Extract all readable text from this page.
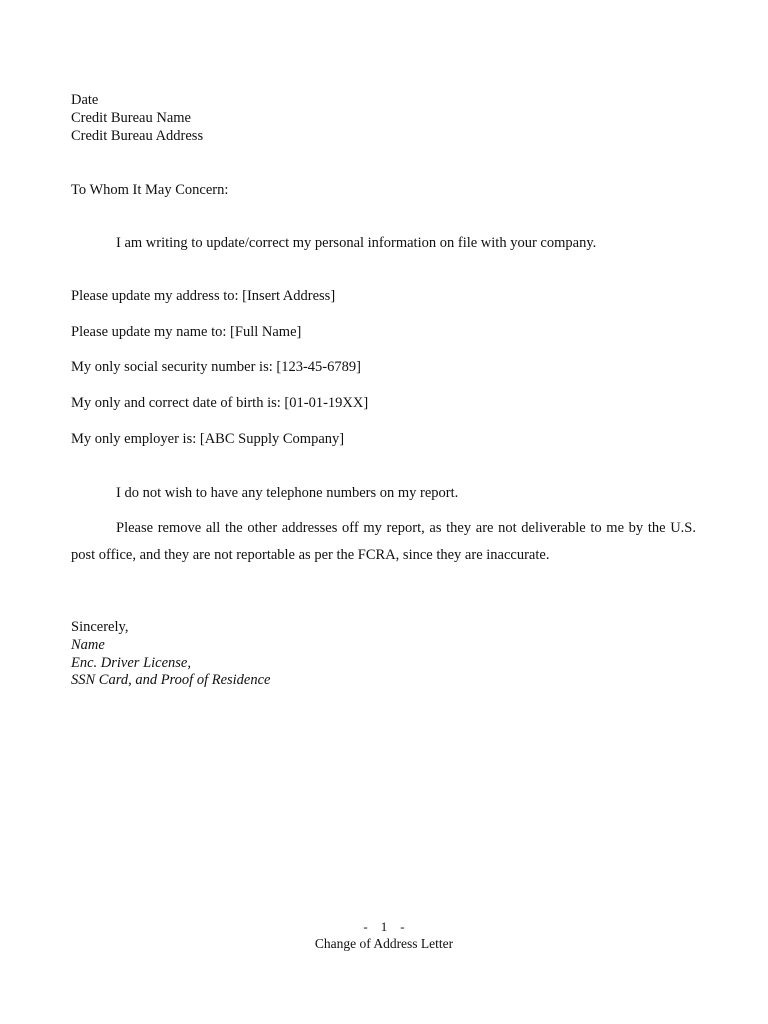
Date
Credit Bureau Name
Credit Bureau Address
To Whom It May Concern:
I am writing to update/correct my personal information on file with your company.
Please update my address to: [Insert Address]
Please update my name to: [Full Name]
My only social security number is: [123-45-6789]
My only and correct date of birth is: [01-01-19XX]
My only employer is: [ABC Supply Company]
I do not wish to have any telephone numbers on my report.
Please remove all the other addresses off my report, as they are not deliverable to me by the U.S. post office, and they are not reportable as per the FCRA, since they are inaccurate.
Sincerely,
Name
Enc. Driver License,
SSN Card, and Proof of Residence
-    1    -
Change of Address Letter
